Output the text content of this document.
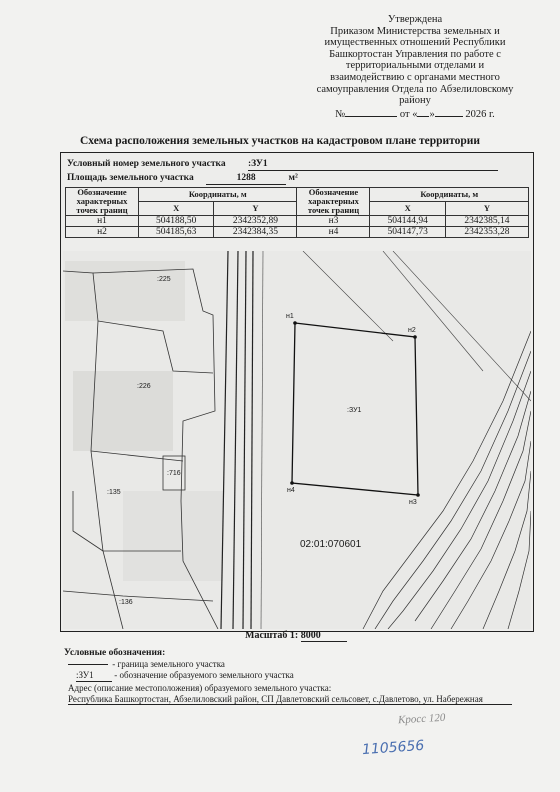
Утверждена
Приказом Министерства земельных и
имущественных отношений Республики
Башкортостан Управления по работе с
территориальными отделами и
взаимодействию с органами местного
самоуправления Отдела по Абзелиловскому
району
№	от « »	2026 г.
Схема расположения земельных участков на кадастровом плане территории
Условный номер земельного участка :ЗУ1
Площадь земельного участка	1288	м²
Обозначение характерных точек границ	Координаты, м		Обозначение характерных точек границ	Координаты, м	
	X	Y		X	Y
н1	504188,50	2342352,89	н3	504144,94	2342385,14
н2	504185,63	2342384,35	н4	504147,73	2342353,28
:225
:226
:716
:135
:136
:ЗУ1
н1
н2
н3
н4
02:01:070601
Масштаб 1: 8000
Условные обозначения:
- граница земельного участка
:ЗУ1 - обозначение образуемого земельного участка
Адрес (описание местоположения) образуемого земельного участка:
Республика Башкортостан, Абзелиловский район, СП Давлетовский сельсовет, с.Давлетово, ул. Набережная
Кросс 120
1105656
